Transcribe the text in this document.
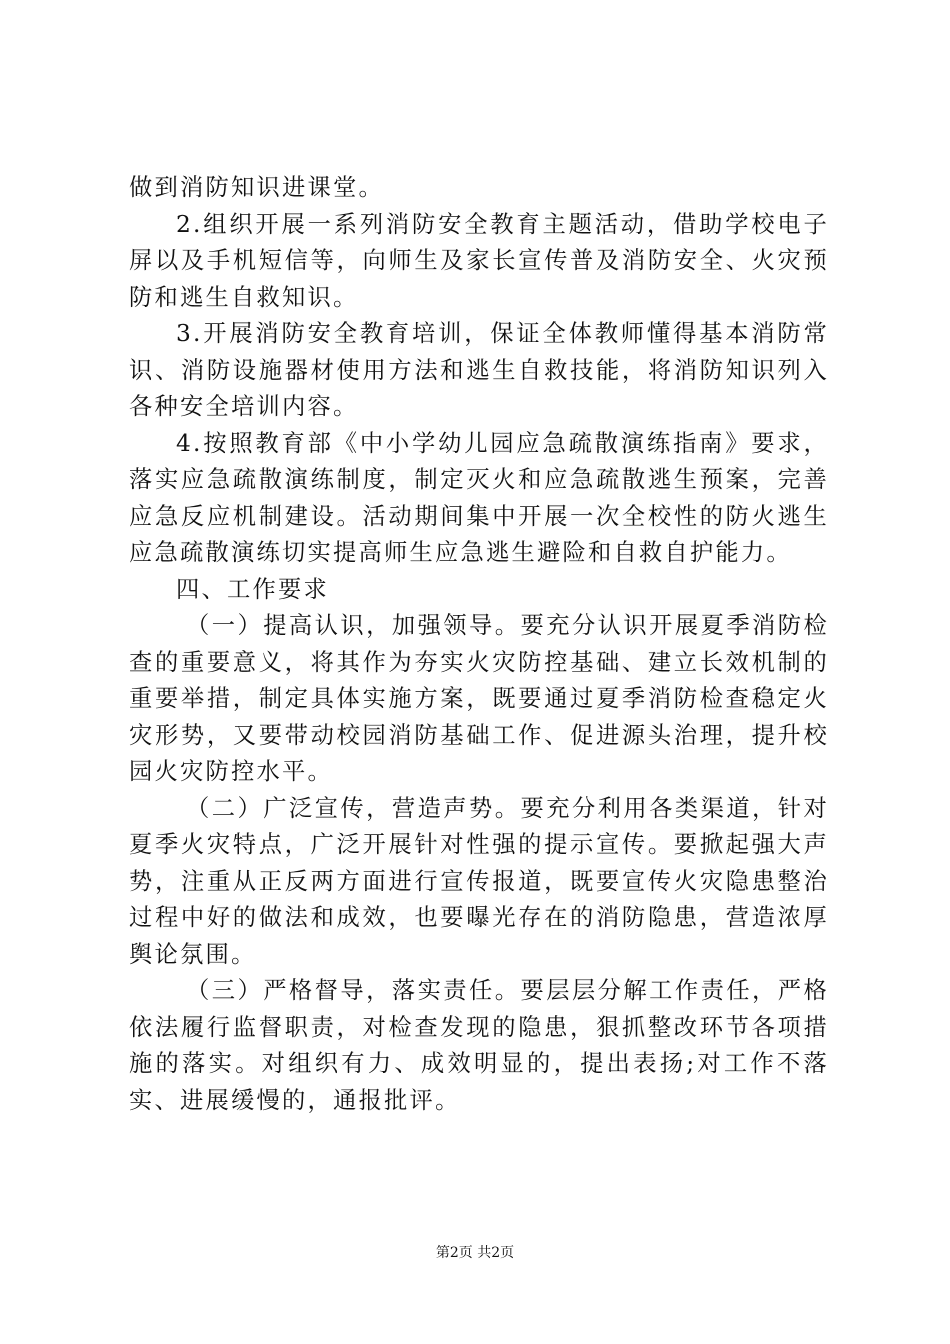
做到消防知识进课堂。

2.组织开展一系列消防安全教育主题活动，借助学校电子屏以及手机短信等，向师生及家长宣传普及消防安全、火灾预防和逃生自救知识。

3.开展消防安全教育培训，保证全体教师懂得基本消防常识、消防设施器材使用方法和逃生自救技能，将消防知识列入各种安全培训内容。

4.按照教育部《中小学幼儿园应急疏散演练指南》要求，落实应急疏散演练制度，制定灭火和应急疏散逃生预案，完善应急反应机制建设。活动期间集中开展一次全校性的防火逃生应急疏散演练切实提高师生应急逃生避险和自救自护能力。

四、工作要求

（一）提高认识，加强领导。要充分认识开展夏季消防检查的重要意义，将其作为夯实火灾防控基础、建立长效机制的重要举措，制定具体实施方案，既要通过夏季消防检查稳定火灾形势，又要带动校园消防基础工作、促进源头治理，提升校园火灾防控水平。

（二）广泛宣传，营造声势。要充分利用各类渠道，针对夏季火灾特点，广泛开展针对性强的提示宣传。要掀起强大声势，注重从正反两方面进行宣传报道，既要宣传火灾隐患整治过程中好的做法和成效，也要曝光存在的消防隐患，营造浓厚舆论氛围。

（三）严格督导，落实责任。要层层分解工作责任，严格依法履行监督职责，对检查发现的隐患，狠抓整改环节各项措施的落实。对组织有力、成效明显的，提出表扬;对工作不落实、进展缓慢的，通报批评。

第2页 共2页
